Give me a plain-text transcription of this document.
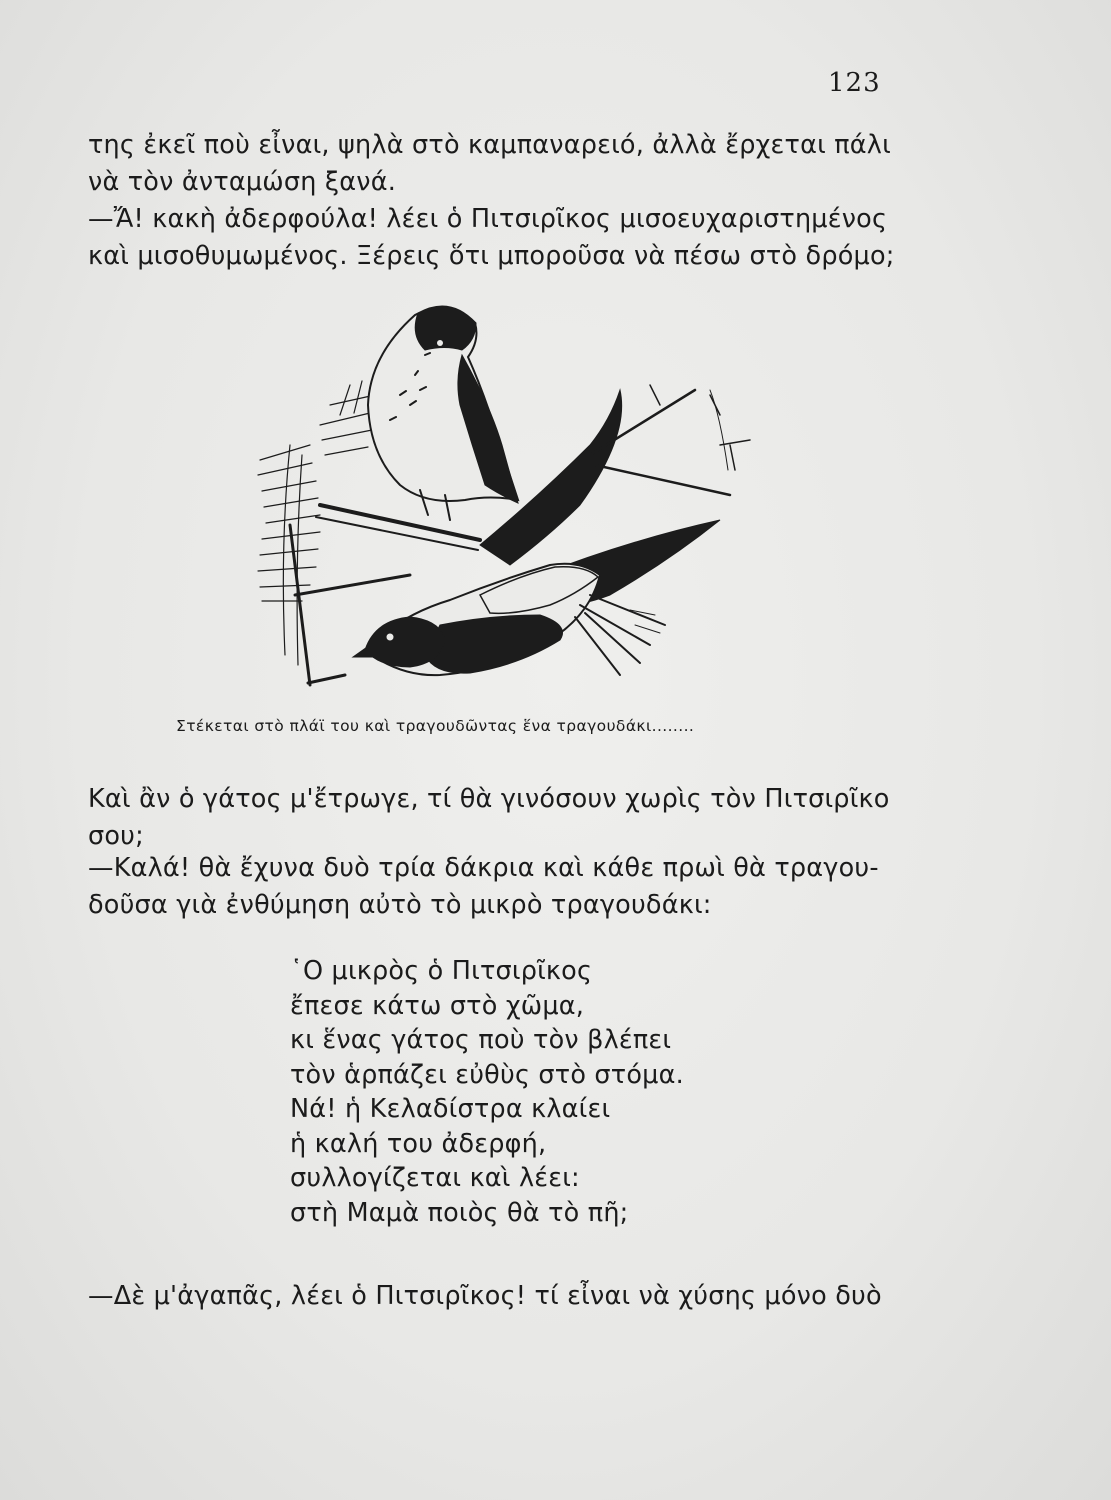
123

της ἐκεῖ ποὺ εἶναι, ψηλὰ στὸ καμπαναρειό, ἀλλὰ ἔρχεται πάλι
νὰ τὸν ἀνταμώση ξανά.

—Ἄ! κακὴ ἀδερφούλα! λέει ὁ Πιτσιρῖκος μισοευχαριστημένος
καὶ μισοθυμωμένος. Ξέρεις ὅτι μποροῦσα νὰ πέσω στὸ δρόμο;

Στέκεται στὸ πλάϊ του καὶ τραγουδῶντας ἕνα τραγουδάκι........

Καὶ ἂν ὁ γάτος μ'ἔτρωγε, τί θὰ γινόσουν χωρὶς τὸν Πιτσιρῖκο
σου;

—Καλά! θὰ ἔχυνα δυὸ τρία δάκρια καὶ κάθε πρωὶ θὰ τραγου-
δοῦσα γιὰ ἐνθύμηση αὐτὸ τὸ μικρὸ τραγουδάκι:

῾Ο μικρὸς ὁ Πιτσιρῖκος
ἔπεσε κάτω στὸ χῶμα,
κι ἕνας γάτος ποὺ τὸν βλέπει
τὸν ἁρπάζει εὐθὺς στὸ στόμα.
Νά! ἡ Κελαδίστρα κλαίει
ἡ καλή του ἀδερφή,
συλλογίζεται καὶ λέει:
στὴ Μαμὰ ποιὸς θὰ τὸ πῆ;

—Δὲ μ'ἀγαπᾶς, λέει ὁ Πιτσιρῖκος! τί εἶναι νὰ χύσης μόνο δυὸ
